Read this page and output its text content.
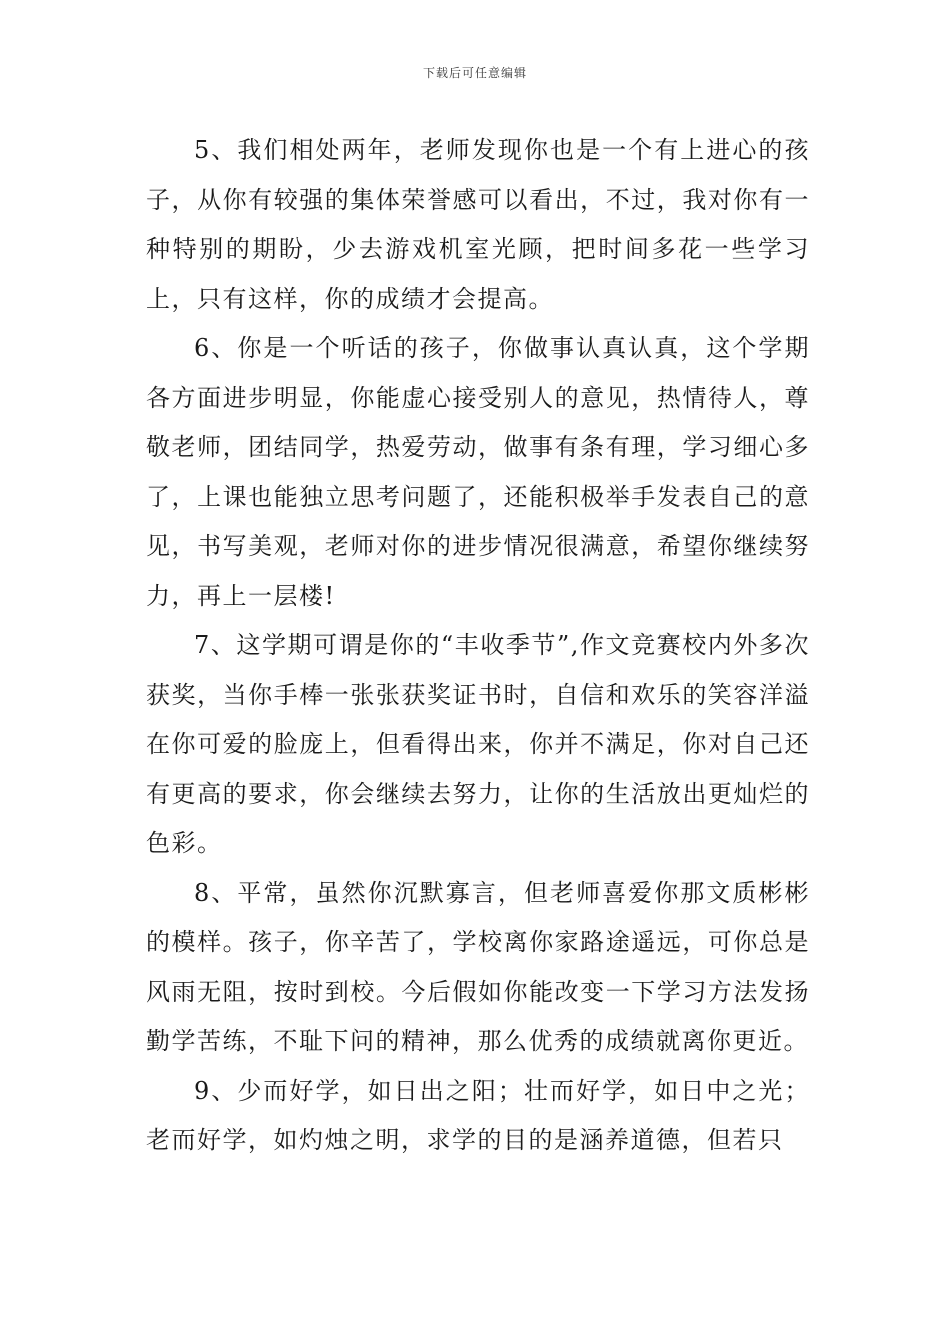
下载后可任意编辑

5、我们相处两年，老师发现你也是一个有上进心的孩子，从你有较强的集体荣誉感可以看出，不过，我对你有一种特别的期盼，少去游戏机室光顾，把时间多花一些学习上，只有这样，你的成绩才会提高。

6、你是一个听话的孩子，你做事认真认真，这个学期各方面进步明显，你能虚心接受别人的意见，热情待人，尊敬老师，团结同学，热爱劳动，做事有条有理，学习细心多了，上课也能独立思考问题了，还能积极举手发表自己的意见，书写美观，老师对你的进步情况很满意，希望你继续努力，再上一层楼!

7、这学期可谓是你的“丰收季节”,作文竞赛校内外多次获奖，当你手棒一张张获奖证书时，自信和欢乐的笑容洋溢在你可爱的脸庞上，但看得出来，你并不满足，你对自己还有更高的要求，你会继续去努力，让你的生活放出更灿烂的色彩。

8、平常，虽然你沉默寡言，但老师喜爱你那文质彬彬的模样。孩子，你辛苦了，学校离你家路途遥远，可你总是风雨无阻，按时到校。今后假如你能改变一下学习方法发扬勤学苦练，不耻下问的精神，那么优秀的成绩就离你更近。

9、少而好学，如日出之阳；壮而好学，如日中之光；老而好学，如灼烛之明，求学的目的是涵养道德，但若只
